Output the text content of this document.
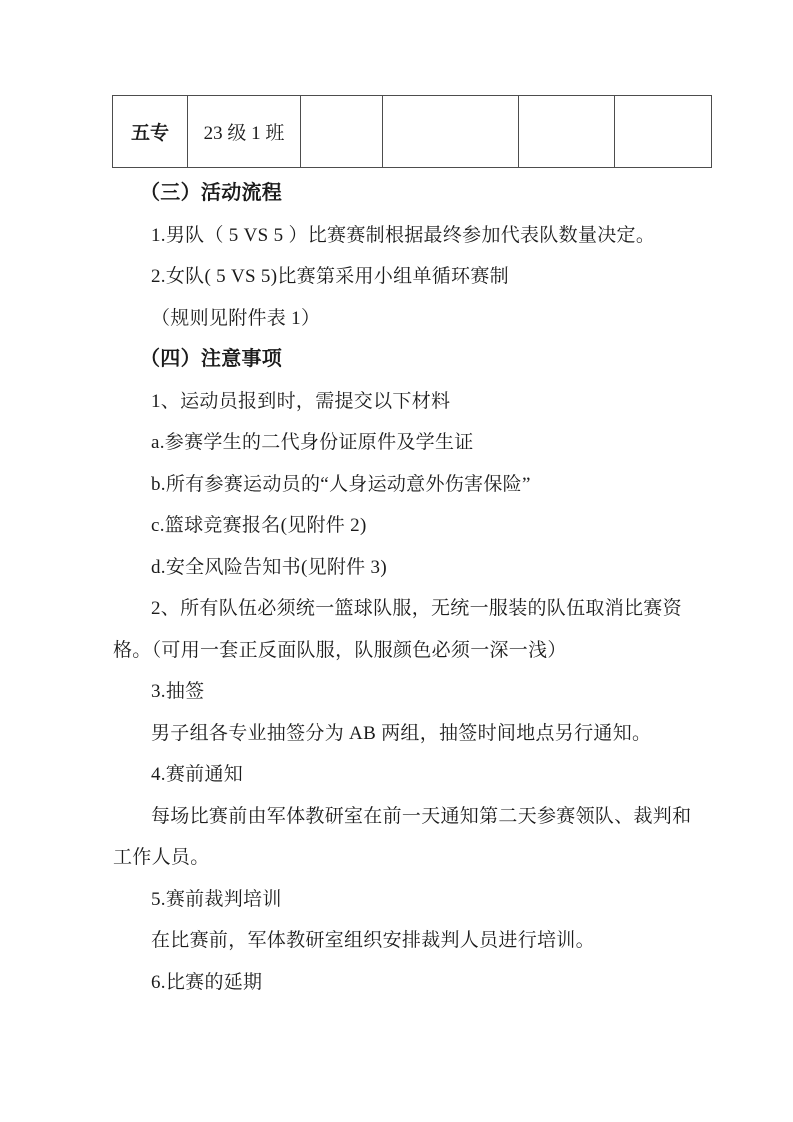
五专	23 级 1 班				
（三）活动流程
1.男队（ 5 VS 5 ）比赛赛制根据最终参加代表队数量决定。
2.女队( 5 VS 5)比赛第采用小组单循环赛制
（规则见附件表 1）
（四）注意事项
1、运动员报到时，需提交以下材料
a.参赛学生的二代身份证原件及学生证
b.所有参赛运动员的“人身运动意外伤害保险”
c.篮球竞赛报名(见附件 2)
d.安全风险告知书(见附件 3)
2、所有队伍必须统一篮球队服，无统一服装的队伍取消比赛资
格。（可用一套正反面队服，队服颜色必须一深一浅）
3.抽签
男子组各专业抽签分为 AB 两组，抽签时间地点另行通知。
4.赛前通知
每场比赛前由军体教研室在前一天通知第二天参赛领队、裁判和
工作人员。
5.赛前裁判培训
在比赛前，军体教研室组织安排裁判人员进行培训。
6.比赛的延期
